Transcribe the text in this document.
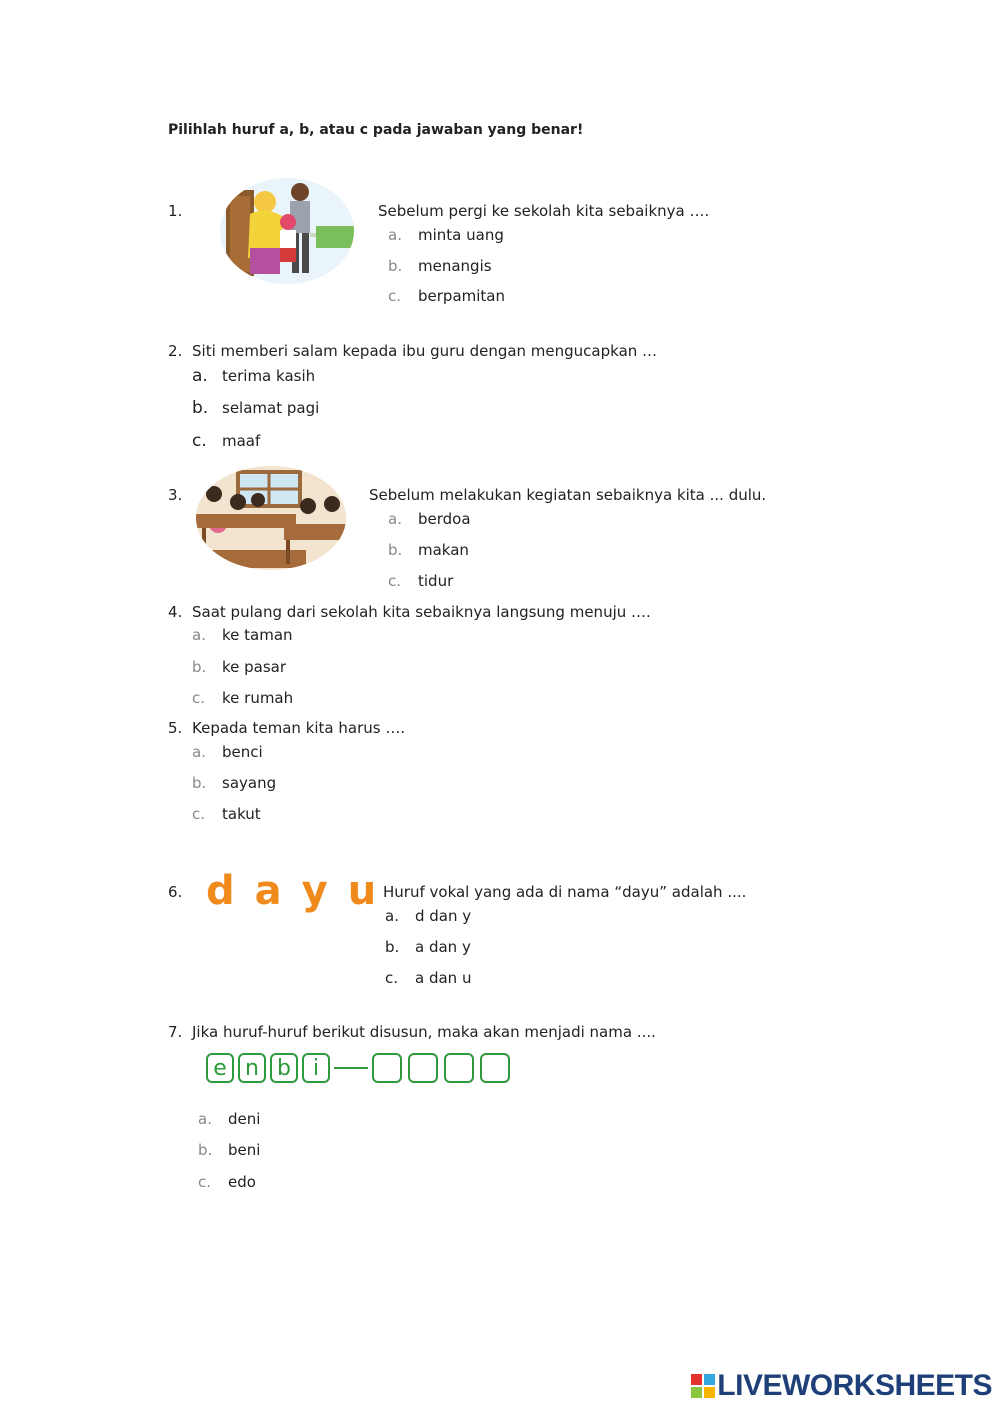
Pilihlah huruf a, b, atau c pada jawaban yang benar!
1.	Sebelum pergi ke sekolah kita sebaiknya ….
a.	minta uang
b.	menangis
c.	berpamitan
2. Siti memberi salam kepada ibu guru dengan mengucapkan …
a. terima kasih
b. selamat pagi
c.	maaf
3.	Sebelum melakukan kegiatan sebaiknya kita ... dulu.
a.	berdoa
b.	makan
c.	tidur
4. Saat pulang dari sekolah kita sebaiknya langsung menuju ….
a.	ke taman
b.	ke pasar
c.	ke rumah
5. Kepada teman kita harus ….
a.	benci
b.	sayang
c.	takut
6. d a y u Huruf vokal yang ada di nama “dayu” adalah ....
a.	d dan y
b.	a dan y
c.	a dan u
7. Jika huruf-huruf berikut disusun, maka akan menjadi nama ....
e n b i
a.	deni
b.	beni
c.	edo
LIVEWORKSHEETS
